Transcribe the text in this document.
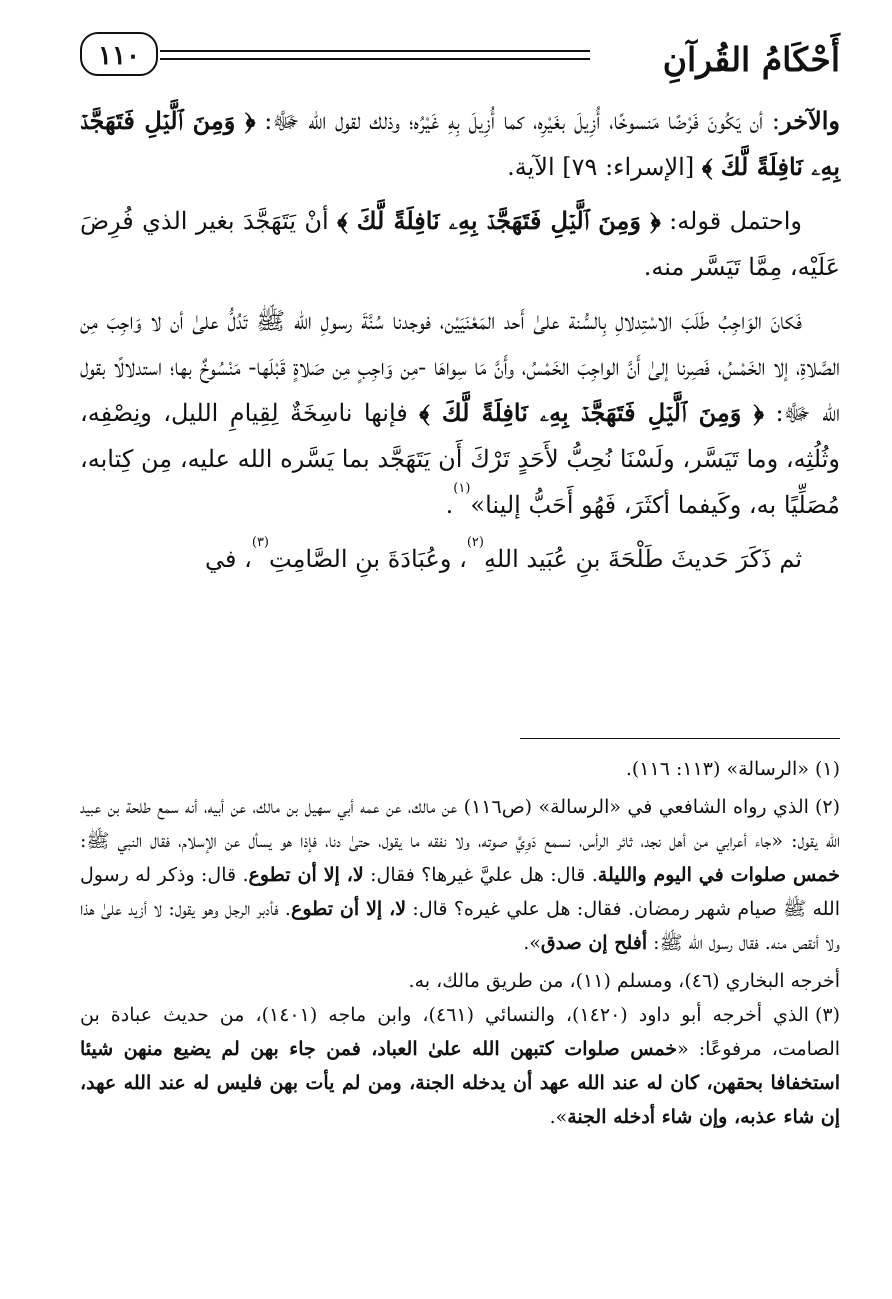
أَحْكَامُ القُرآنِ
١١٠

والآخر: أن يَكُونَ فَرْضًا مَنسوخًا، أُزِيلَ بغَيْرِه، كما أُزِيلَ بِهِ غَيْرُه؛ وذلك لقول الله ﷻ: ﴿ وَمِنَ ٱلَّيۡلِ فَتَهَجَّدۡ بِهِۦ نَافِلَةً لَّكَ ﴾ [الإسراء: ٧٩] الآية.

واحتمل قوله: ﴿ وَمِنَ ٱلَّيۡلِ فَتَهَجَّدۡ بِهِۦ نَافِلَةً لَّكَ ﴾ أنْ يَتَهَجَّدَ بغير الذي فُرِضَ عَلَيْه، مِمَّا تَيَسَّر منه.

فَكانَ الوَاجِبُ طَلَبَ الاسْتِدلالِ بِالسُّنة علىٰ أَحد المَعْنَيَيْن، فوجدنا سُنَّةَ رسولِ الله ﷺ تَدُلُّ علىٰ أن لا وَاجِبَ مِن الصَّلاةِ، إلا الخَمْسُ، فَصِرنا إلىٰ أَنَّ الواجِبَ الخَمْسُ، وأَنَّ مَا سِواهَا -مِن وَاجِبٍ مِن صَلاةٍ قَبْلَها- مَنْسُوخٌ بها؛ استدلالًا بقول الله ﷻ: ﴿ وَمِنَ ٱلَّيۡلِ فَتَهَجَّدۡ بِهِۦ نَافِلَةً لَّكَ ﴾ فإنها ناسِخَةٌ لِقِيامِ الليل، ونِصْفِه، وثُلُثِه، وما تَيَسَّر، ولَسْنَا نُحِبُّ لأَحَدٍ تَرْكَ أَن يَتَهَجَّد بما يَسَّره الله عليه، مِن كِتابه، مُصَلِّيًا به، وكَيفما أكثَرَ، فَهُو أَحَبُّ إلينا»$^{(١)}$.

ثم ذَكَرَ حَديثَ طَلْحَةَ بنِ عُبَيد اللهِ$^{(٢)}$، وعُبَادَةَ بنِ الصَّامِتِ$^{(٣)}$، في

(١)«الرسالة» (١١٣: ١١٦).

(٢)الذي رواه الشافعي في «الرسالة» (ص١١٦) عن مالك، عن عمه أبي سهيل بن مالك، عن أبيه، أنه سمع طلحة بن عبيد الله يقول: «جاء أعرابي من أهل نجد، ثائر الرأس، نسمع دَوِيَّ صوته، ولا نفقه ما يقول، حتىٰ دنا، فإذا هو يسأل عن الإسلام، فقال النبي ﷺ: خمس صلوات في اليوم والليلة. قال: هل عليَّ غيرها؟ فقال: لا، إلا أن تطوع. قال: وذكر له رسول الله ﷺ صيام شهر رمضان. فقال: هل علي غيره؟ قال: لا، إلا أن تطوع. فأدبر الرجل وهو يقول: لا أزيد علىٰ هذا ولا أنقص منه. فقال رسول الله ﷺ: أفلح إن صدق».

أخرجه البخاري (٤٦)، ومسلم (١١)، من طريق مالك، به.

(٣)الذي أخرجه أبو داود (١٤٢٠)، والنسائي (٤٦١)، وابن ماجه (١٤٠١)، من حديث عبادة بن الصامت، مرفوعًا: «خمس صلوات كتبهن الله علىٰ العباد، فمن جاء بهن لم يضيع منهن شيئا استخفافا بحقهن، كان له عند الله عهد أن يدخله الجنة، ومن لم يأت بهن فليس له عند الله عهد، إن شاء عذبه، وإن شاء أدخله الجنة».
